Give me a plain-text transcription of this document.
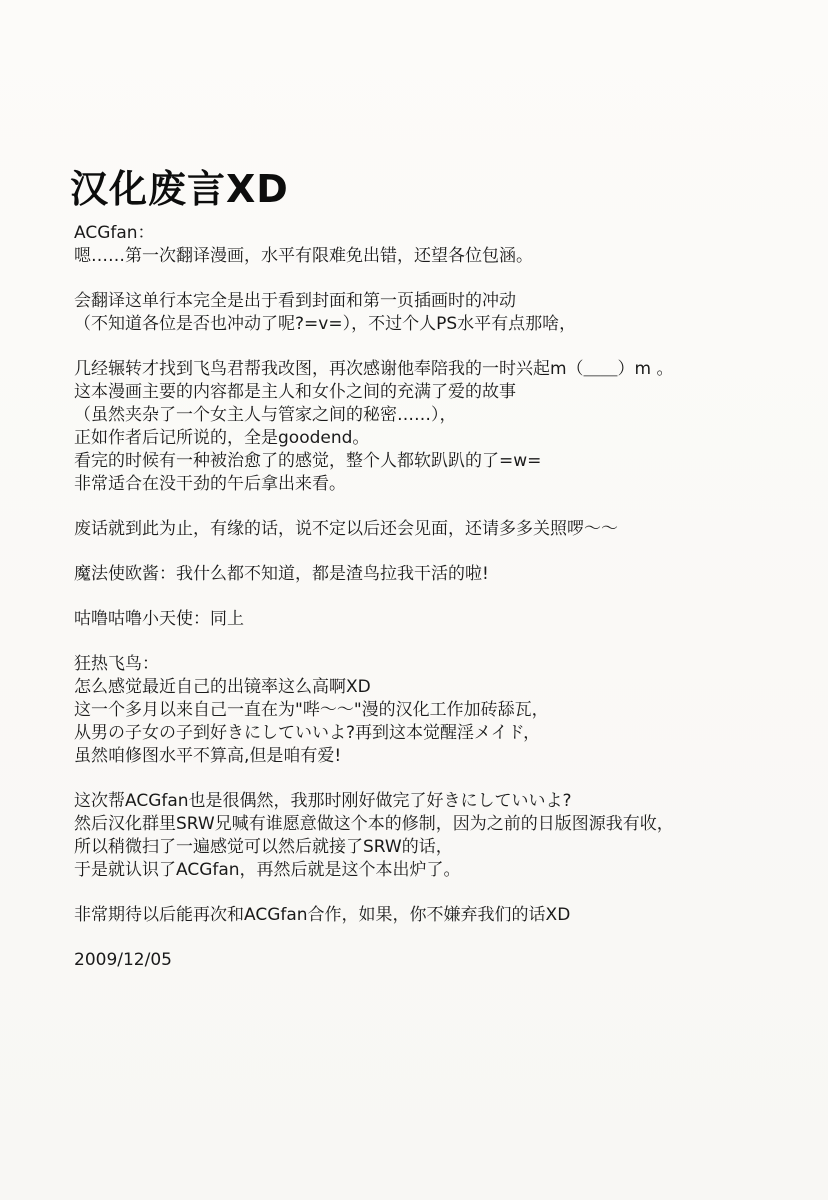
汉化废言XD
ACGfan：
嗯……第一次翻译漫画，水平有限难免出错，还望各位包涵。
会翻译这单行本完全是出于看到封面和第一页插画时的冲动
（不知道各位是否也冲动了呢?=v=），不过个人PS水平有点那啥，
几经辗转才找到飞鸟君帮我改图，再次感谢他奉陪我的一时兴起m（＿＿）m 。
这本漫画主要的内容都是主人和女仆之间的充满了爱的故事
（虽然夹杂了一个女主人与管家之间的秘密……），
正如作者后记所说的，全是goodend。
看完的时候有一种被治愈了的感觉，整个人都软趴趴的了=w=
非常适合在没干劲的午后拿出来看。
废话就到此为止，有缘的话，说不定以后还会见面，还请多多关照啰～～
魔法使欧酱：我什么都不知道，都是渣鸟拉我干活的啦!
咕噜咕噜小天使：同上
狂热飞鸟：
怎么感觉最近自己的出镜率这么高啊XD
这一个多月以来自己一直在为"哔～～"漫的汉化工作加砖舔瓦，
从男の子女の子到好きにしていいよ?再到这本觉醒淫メイド，
虽然咱修图水平不算高,但是咱有爱!
这次帮ACGfan也是很偶然，我那时刚好做完了好きにしていいよ?
然后汉化群里SRW兄喊有谁愿意做这个本的修制，因为之前的日版图源我有收，
所以稍微扫了一遍感觉可以然后就接了SRW的话，
于是就认识了ACGfan，再然后就是这个本出炉了。
非常期待以后能再次和ACGfan合作，如果，你不嫌弃我们的话XD
2009/12/05
